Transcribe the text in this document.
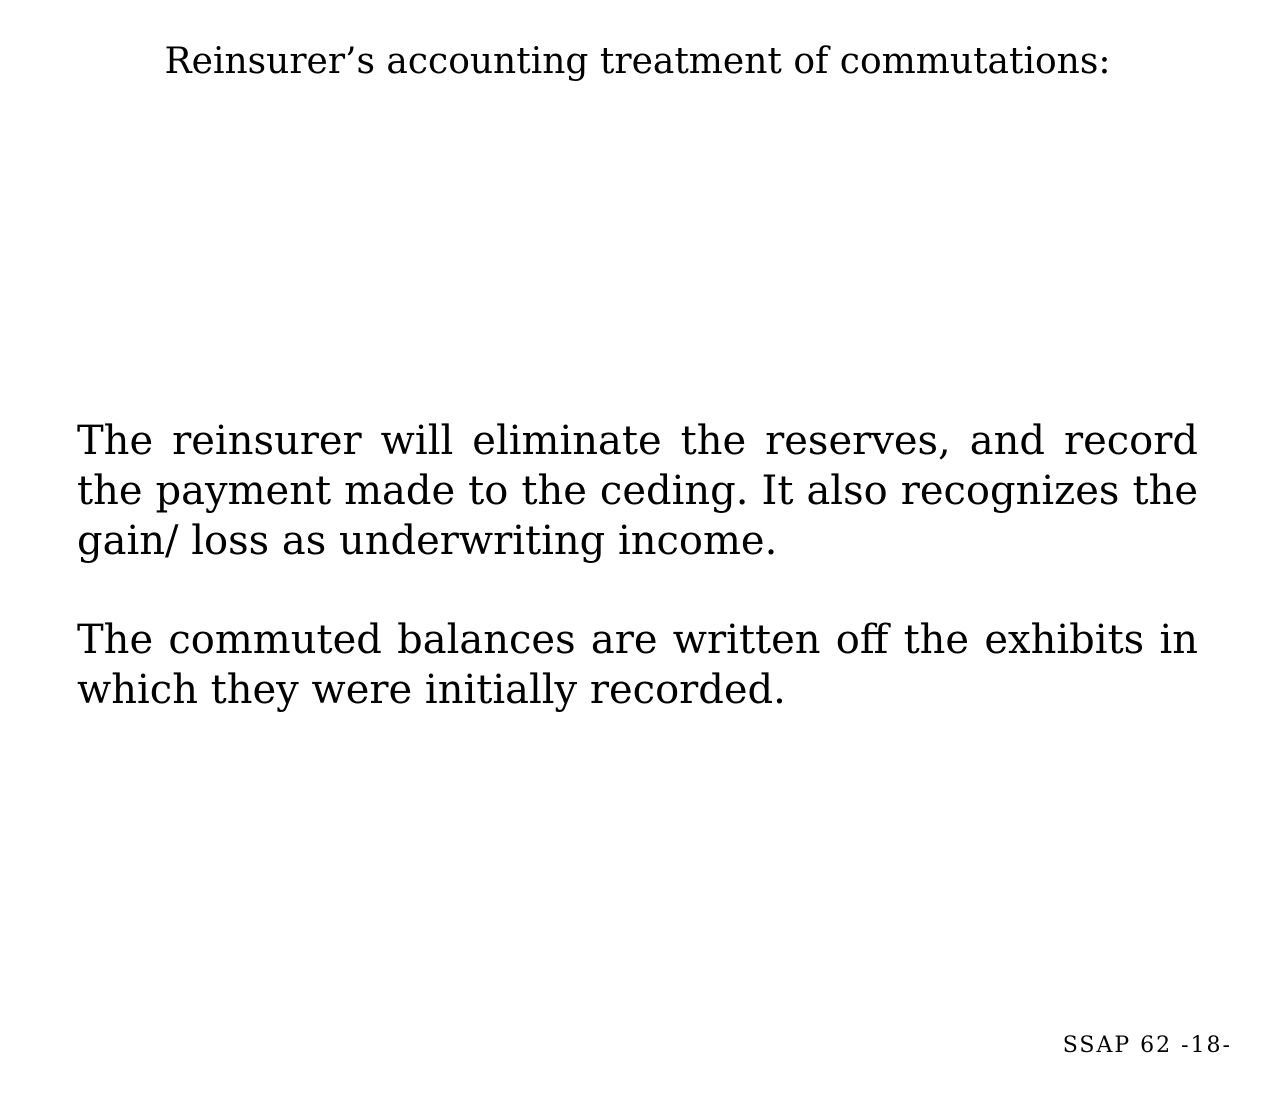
Reinsurer’s accounting treatment of commutations:

The reinsurer will eliminate the reserves, and record the payment made to the ceding. It also recognizes the gain/ loss as underwriting income.

The commuted balances are written off the exhibits in which they were initially recorded.

SSAP 62 -18-
